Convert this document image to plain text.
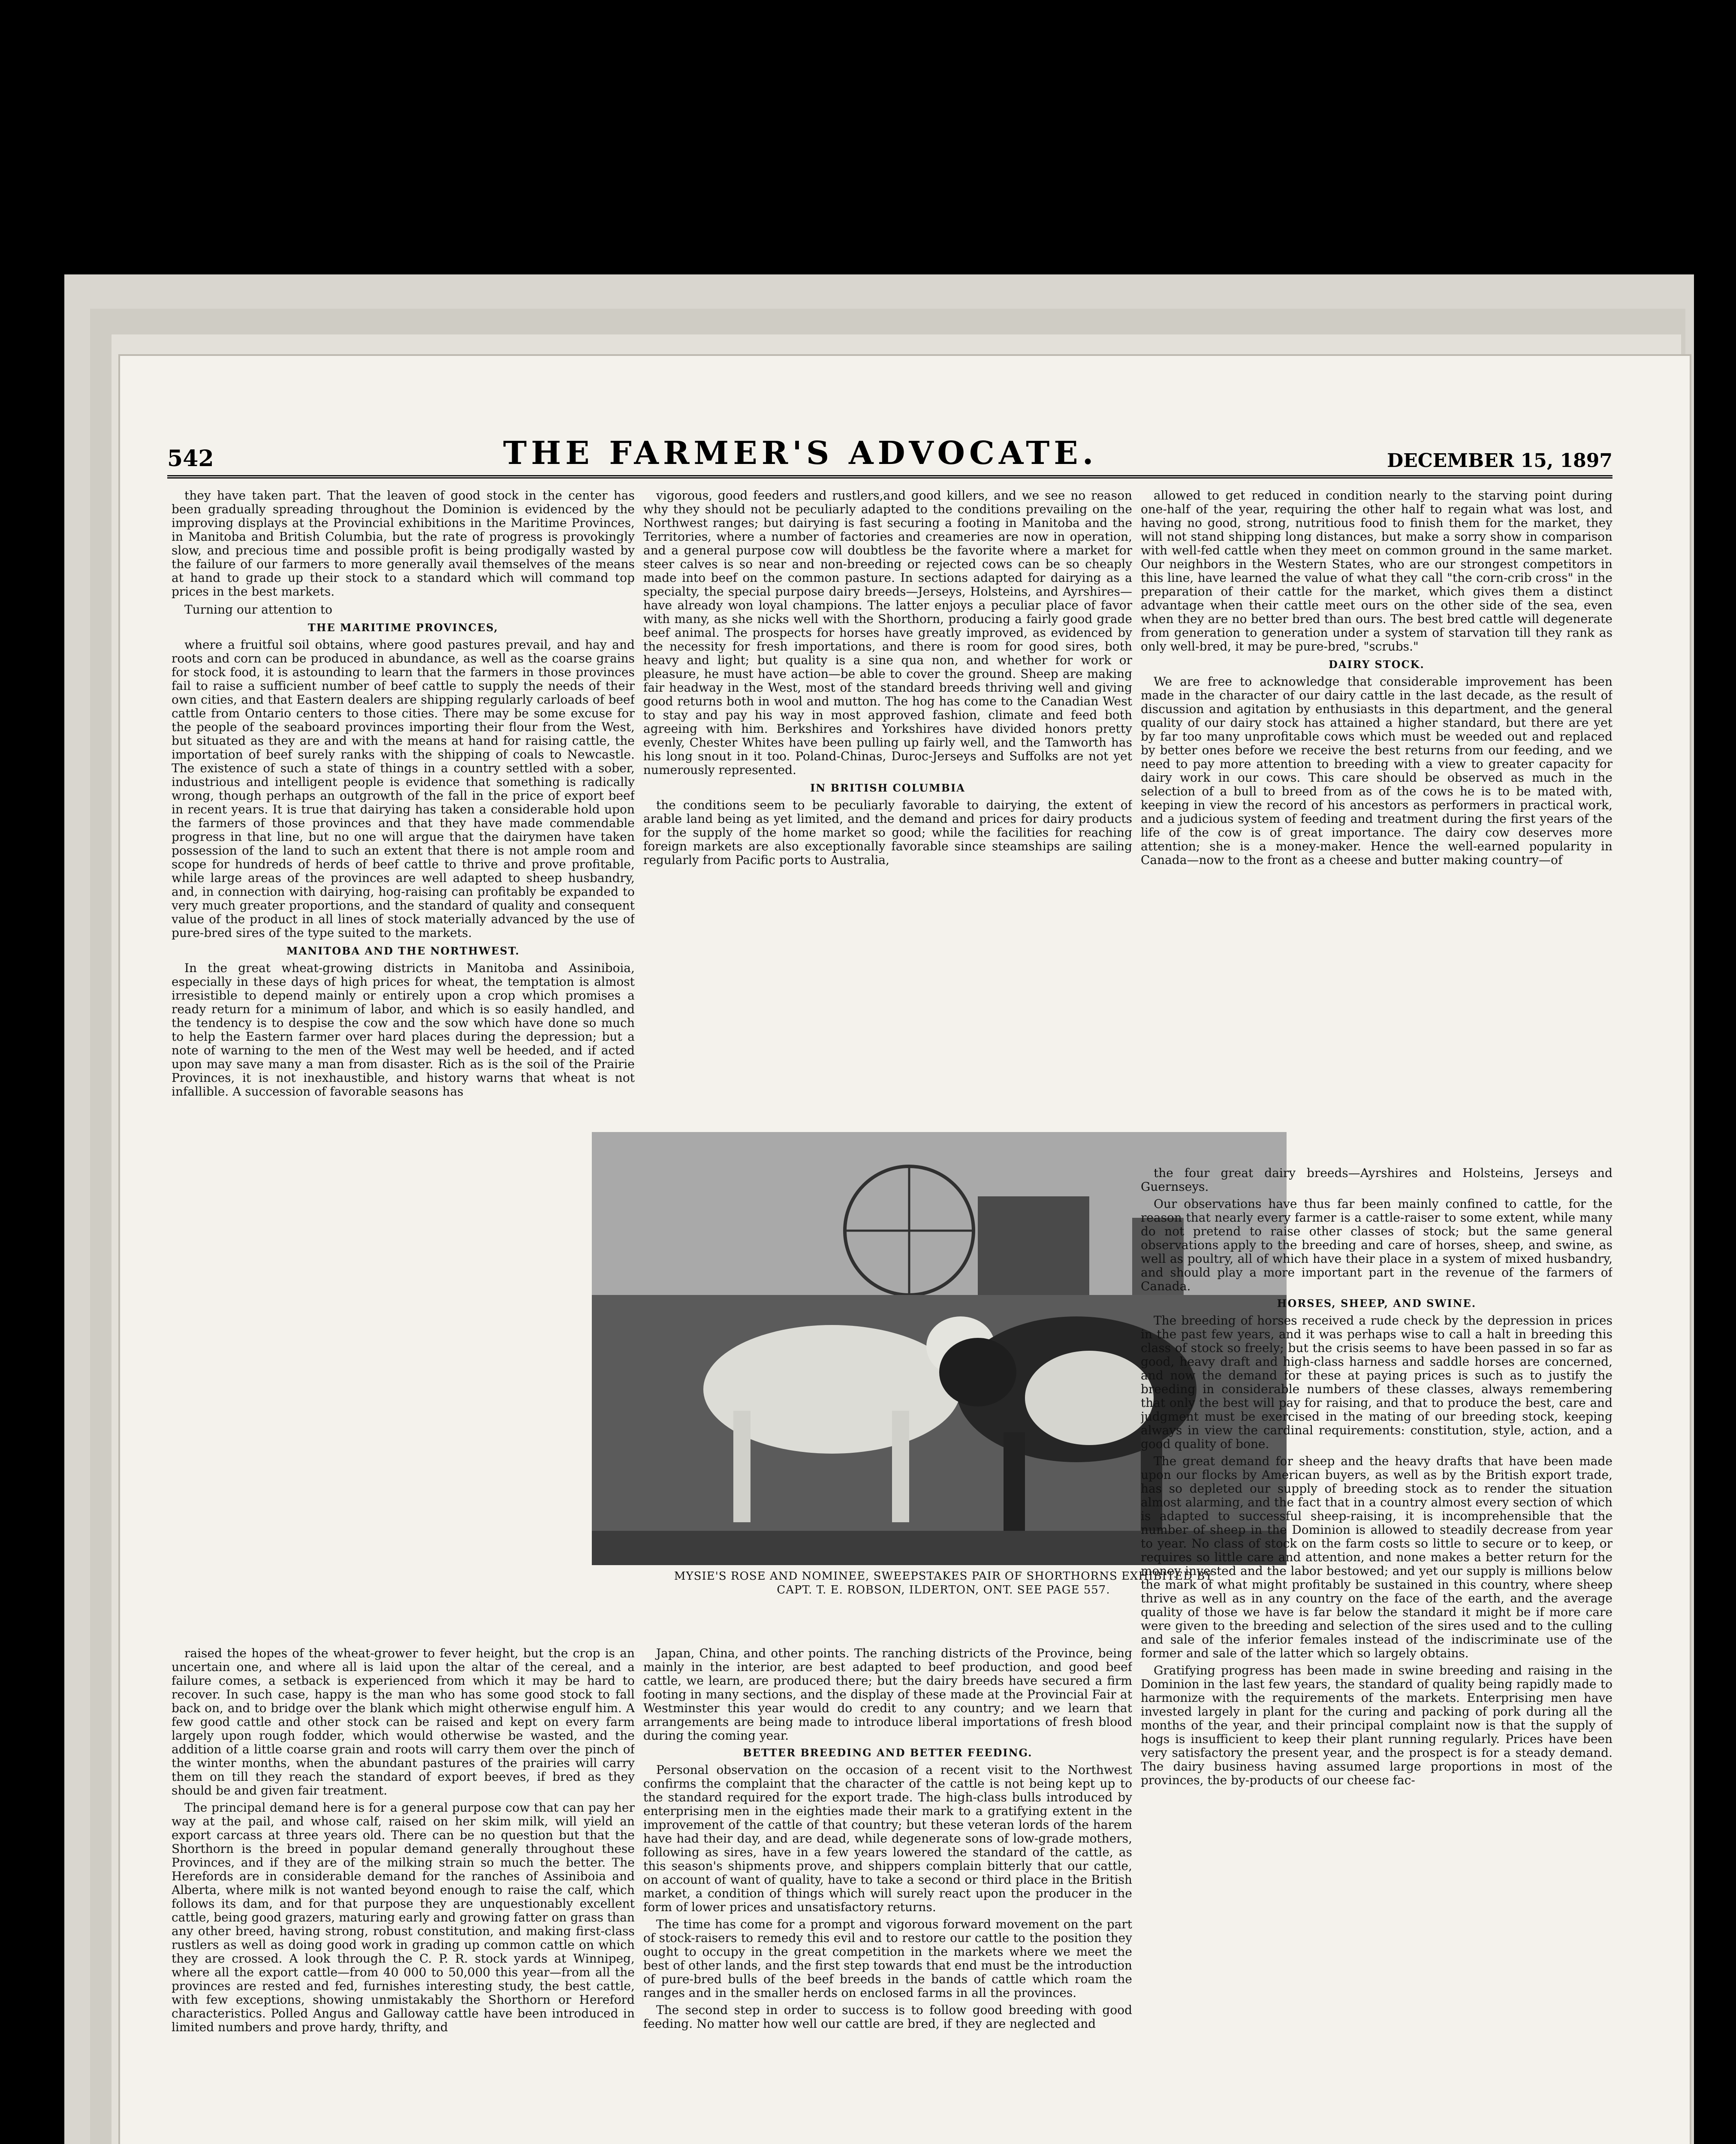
542	THE FARMER'S ADVOCATE.	DECEMBER 15, 1897

they have taken part. That the leaven of good stock in the center has been gradually spreading throughout the Dominion is evidenced by the improving displays at the Provincial exhibitions in the Maritime Provinces, in Manitoba and British Columbia, but the rate of progress is provokingly slow, and precious time and possible profit is being prodigally wasted by the failure of our farmers to more generally avail themselves of the means at hand to grade up their stock to a standard which will command top prices in the best markets.

Turning our attention to

THE MARITIME PROVINCES,

where a fruitful soil obtains, where good pastures prevail, and hay and roots and corn can be produced in abundance, as well as the coarse grains for stock food, it is astounding to learn that the farmers in those provinces fail to raise a sufficient number of beef cattle to supply the needs of their own cities, and that Eastern dealers are shipping regularly carloads of beef cattle from Ontario centers to those cities. There may be some excuse for the people of the seaboard provinces importing their flour from the West, but situated as they are and with the means at hand for raising cattle, the importation of beef surely ranks with the shipping of coals to Newcastle. The existence of such a state of things in a country settled with a sober, industrious and intelligent people is evidence that something is radically wrong, though perhaps an outgrowth of the fall in the price of export beef in recent years. It is true that dairying has taken a considerable hold upon the farmers of those provinces and that they have made commendable progress in that line, but no one will argue that the dairymen have taken possession of the land to such an extent that there is not ample room and scope for hundreds of herds of beef cattle to thrive and prove profitable, while large areas of the provinces are well adapted to sheep husbandry, and, in connection with dairying, hog-raising can profitably be expanded to very much greater proportions, and the standard of quality and consequent value of the product in all lines of stock materially advanced by the use of pure-bred sires of the type suited to the markets.

MANITOBA AND THE NORTHWEST.

In the great wheat-growing districts in Manitoba and Assiniboia, especially in these days of high prices for wheat, the temptation is almost irresistible to depend mainly or entirely upon a crop which promises a ready return for a minimum of labor, and which is so easily handled, and the tendency is to despise the cow and the sow which have done so much to help the Eastern farmer over hard places during the depression; but a note of warning to the men of the West may well be heeded, and if acted upon may save many a man from disaster. Rich as is the soil of the Prairie Provinces, it is not inexhaustible, and history warns that wheat is not infallible. A succession of favorable seasons has

vigorous, good feeders and rustlers,and good killers, and we see no reason why they should not be peculiarly adapted to the conditions prevailing on the Northwest ranges; but dairying is fast securing a footing in Manitoba and the Territories, where a number of factories and creameries are now in operation, and a general purpose cow will doubtless be the favorite where a market for steer calves is so near and non-breeding or rejected cows can be so cheaply made into beef on the common pasture. In sections adapted for dairying as a specialty, the special purpose dairy breeds—Jerseys, Holsteins, and Ayrshires—have already won loyal champions. The latter enjoys a peculiar place of favor with many, as she nicks well with the Shorthorn, producing a fairly good grade beef animal. The prospects for horses have greatly improved, as evidenced by the necessity for fresh importations, and there is room for good sires, both heavy and light; but quality is a sine qua non, and whether for work or pleasure, he must have action—be able to cover the ground. Sheep are making fair headway in the West, most of the standard breeds thriving well and giving good returns both in wool and mutton. The hog has come to the Canadian West to stay and pay his way in most approved fashion, climate and feed both agreeing with him. Berkshires and Yorkshires have divided honors pretty evenly, Chester Whites have been pulling up fairly well, and the Tamworth has his long snout in it too. Poland-Chinas, Duroc-Jerseys and Suffolks are not yet numerously represented.

IN BRITISH COLUMBIA

the conditions seem to be peculiarly favorable to dairying, the extent of arable land being as yet limited, and the demand and prices for dairy products for the supply of the home market so good; while the facilities for reaching foreign markets are also exceptionally favorable since steamships are sailing regularly from Pacific ports to Australia,

allowed to get reduced in condition nearly to the starving point during one-half of the year, requiring the other half to regain what was lost, and having no good, strong, nutritious food to finish them for the market, they will not stand shipping long distances, but make a sorry show in comparison with well-fed cattle when they meet on common ground in the same market. Our neighbors in the Western States, who are our strongest competitors in this line, have learned the value of what they call "the corn-crib cross" in the preparation of their cattle for the market, which gives them a distinct advantage when their cattle meet ours on the other side of the sea, even when they are no better bred than ours. The best bred cattle will degenerate from generation to generation under a system of starvation till they rank as only well-bred, it may be pure-bred, "scrubs."

DAIRY STOCK.

We are free to acknowledge that considerable improvement has been made in the character of our dairy cattle in the last decade, as the result of discussion and agitation by enthusiasts in this department, and the general quality of our dairy stock has attained a higher standard, but there are yet by far too many unprofitable cows which must be weeded out and replaced by better ones before we receive the best returns from our feeding, and we need to pay more attention to breeding with a view to greater capacity for dairy work in our cows. This care should be observed as much in the selection of a bull to breed from as of the cows he is to be mated with, keeping in view the record of his ancestors as performers in practical work, and a judicious system of feeding and treatment during the first years of the life of the cow is of great importance. The dairy cow deserves more attention; she is a money-maker. Hence the well-earned popularity in Canada—now to the front as a cheese and butter making country—of

MYSIE'S ROSE AND NOMINEE, SWEEPSTAKES PAIR OF SHORTHORNS EXHIBITED BY
CAPT. T. E. ROBSON, ILDERTON, ONT. SEE PAGE 557.

raised the hopes of the wheat-grower to fever height, but the crop is an uncertain one, and where all is laid upon the altar of the cereal, and a failure comes, a setback is experienced from which it may be hard to recover. In such case, happy is the man who has some good stock to fall back on, and to bridge over the blank which might otherwise engulf him. A few good cattle and other stock can be raised and kept on every farm largely upon rough fodder, which would otherwise be wasted, and the addition of a little coarse grain and roots will carry them over the pinch of the winter months, when the abundant pastures of the prairies will carry them on till they reach the standard of export beeves, if bred as they should be and given fair treatment.

The principal demand here is for a general purpose cow that can pay her way at the pail, and whose calf, raised on her skim milk, will yield an export carcass at three years old. There can be no question but that the Shorthorn is the breed in popular demand generally throughout these Provinces, and if they are of the milking strain so much the better. The Herefords are in considerable demand for the ranches of Assiniboia and Alberta, where milk is not wanted beyond enough to raise the calf, which follows its dam, and for that purpose they are unquestionably excellent cattle, being good grazers, maturing early and growing fatter on grass than any other breed, having strong, robust constitution, and making first-class rustlers as well as doing good work in grading up common cattle on which they are crossed. A look through the C. P. R. stock yards at Winnipeg, where all the export cattle—from 40 000 to 50,000 this year—from all the provinces are rested and fed, furnishes interesting study, the best cattle, with few exceptions, showing unmistakably the Shorthorn or Hereford characteristics. Polled Angus and Galloway cattle have been introduced in limited numbers and prove hardy, thrifty, and

Japan, China, and other points. The ranching districts of the Province, being mainly in the interior, are best adapted to beef production, and good beef cattle, we learn, are produced there; but the dairy breeds have secured a firm footing in many sections, and the display of these made at the Provincial Fair at Westminster this year would do credit to any country; and we learn that arrangements are being made to introduce liberal importations of fresh blood during the coming year.

BETTER BREEDING AND BETTER FEEDING.

Personal observation on the occasion of a recent visit to the Northwest confirms the complaint that the character of the cattle is not being kept up to the standard required for the export trade. The high-class bulls introduced by enterprising men in the eighties made their mark to a gratifying extent in the improvement of the cattle of that country; but these veteran lords of the harem have had their day, and are dead, while degenerate sons of low-grade mothers, following as sires, have in a few years lowered the standard of the cattle, as this season's shipments prove, and shippers complain bitterly that our cattle, on account of want of quality, have to take a second or third place in the British market, a condition of things which will surely react upon the producer in the form of lower prices and unsatisfactory returns.

The time has come for a prompt and vigorous forward movement on the part of stock-raisers to remedy this evil and to restore our cattle to the position they ought to occupy in the great competition in the markets where we meet the best of other lands, and the first step towards that end must be the introduction of pure-bred bulls of the beef breeds in the bands of cattle which roam the ranges and in the smaller herds on enclosed farms in all the provinces.

The second step in order to success is to follow good breeding with good feeding. No matter how well our cattle are bred, if they are neglected and

the four great dairy breeds—Ayrshires and Holsteins, Jerseys and Guernseys.

Our observations have thus far been mainly confined to cattle, for the reason that nearly every farmer is a cattle-raiser to some extent, while many do not pretend to raise other classes of stock; but the same general observations apply to the breeding and care of horses, sheep, and swine, as well as poultry, all of which have their place in a system of mixed husbandry, and should play a more important part in the revenue of the farmers of Canada.

HORSES, SHEEP, AND SWINE.

The breeding of horses received a rude check by the depression in prices in the past few years, and it was perhaps wise to call a halt in breeding this class of stock so freely; but the crisis seems to have been passed in so far as good, heavy draft and high-class harness and saddle horses are concerned, and now the demand for these at paying prices is such as to justify the breeding in considerable numbers of these classes, always remembering that only the best will pay for raising, and that to produce the best, care and judgment must be exercised in the mating of our breeding stock, keeping always in view the cardinal requirements: constitution, style, action, and a good quality of bone.

The great demand for sheep and the heavy drafts that have been made upon our flocks by American buyers, as well as by the British export trade, has so depleted our supply of breeding stock as to render the situation almost alarming, and the fact that in a country almost every section of which is adapted to successful sheep-raising, it is incomprehensible that the number of sheep in the Dominion is allowed to steadily decrease from year to year. No class of stock on the farm costs so little to secure or to keep, or requires so little care and attention, and none makes a better return for the money invested and the labor bestowed; and yet our supply is millions below the mark of what might profitably be sustained in this country, where sheep thrive as well as in any country on the face of the earth, and the average quality of those we have is far below the standard it might be if more care were given to the breeding and selection of the sires used and to the culling and sale of the inferior females instead of the indiscriminate use of the former and sale of the latter which so largely obtains.

Gratifying progress has been made in swine breeding and raising in the Dominion in the last few years, the standard of quality being rapidly made to harmonize with the requirements of the markets. Enterprising men have invested largely in plant for the curing and packing of pork during all the months of the year, and their principal complaint now is that the supply of hogs is insufficient to keep their plant running regularly. Prices have been very satisfactory the present year, and the prospect is for a steady demand. The dairy business having assumed large proportions in most of the provinces, the by-products of our cheese fac-
